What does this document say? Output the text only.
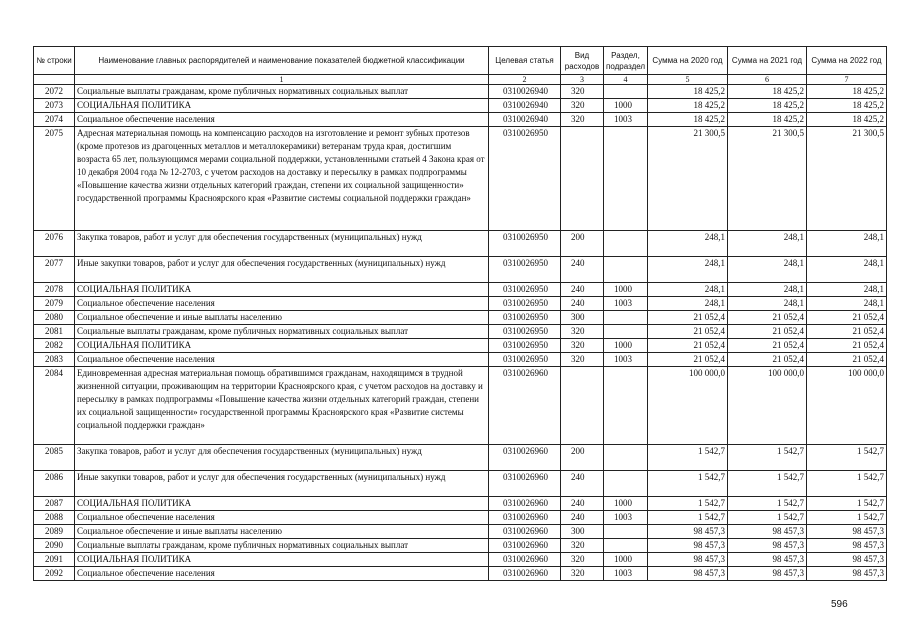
№ строки	Наименование главных распорядителей и наименование показателей бюджетной классификации	Целевая статья	Вид расходов	Раздел, подраздел	Сумма на 2020 год	Сумма на 2021 год	Сумма на 2022 год
	1	2	3	4	5	6	7
2072	Социальные выплаты гражданам, кроме публичных нормативных социальных выплат	0310026940	320		18 425,2	18 425,2	18 425,2
2073	СОЦИАЛЬНАЯ ПОЛИТИКА	0310026940	320	1000	18 425,2	18 425,2	18 425,2
2074	Социальное обеспечение населения	0310026940	320	1003	18 425,2	18 425,2	18 425,2
2075	Адресная материальная помощь на компенсацию расходов на изготовление и ремонт зубных протезов (кроме протезов из драгоценных металлов и металлокерамики) ветеранам труда края, достигшим возраста 65 лет, пользующимся мерами социальной поддержки, установленными статьей 4 Закона края от 10 декабря 2004 года № 12-2703, с учетом расходов на доставку и пересылку в рамках подпрограммы «Повышение качества жизни отдельных категорий граждан, степени их социальной защищенности» государственной программы Красноярского края «Развитие системы социальной поддержки граждан»	0310026950			21 300,5	21 300,5	21 300,5
2076	Закупка товаров, работ и услуг для обеспечения государственных (муниципальных) нужд	0310026950	200		248,1	248,1	248,1
2077	Иные закупки товаров, работ и услуг для обеспечения государственных (муниципальных) нужд	0310026950	240		248,1	248,1	248,1
2078	СОЦИАЛЬНАЯ ПОЛИТИКА	0310026950	240	1000	248,1	248,1	248,1
2079	Социальное обеспечение населения	0310026950	240	1003	248,1	248,1	248,1
2080	Социальное обеспечение и иные выплаты населению	0310026950	300		21 052,4	21 052,4	21 052,4
2081	Социальные выплаты гражданам, кроме публичных нормативных социальных выплат	0310026950	320		21 052,4	21 052,4	21 052,4
2082	СОЦИАЛЬНАЯ ПОЛИТИКА	0310026950	320	1000	21 052,4	21 052,4	21 052,4
2083	Социальное обеспечение населения	0310026950	320	1003	21 052,4	21 052,4	21 052,4
2084	Единовременная адресная материальная помощь обратившимся гражданам, находящимся в трудной жизненной ситуации, проживающим на территории Красноярского края, с учетом расходов на доставку и пересылку в рамках подпрограммы «Повышение качества жизни отдельных категорий граждан, степени их социальной защищенности» государственной программы Красноярского края «Развитие системы социальной поддержки граждан»	0310026960			100 000,0	100 000,0	100 000,0
2085	Закупка товаров, работ и услуг для обеспечения государственных (муниципальных) нужд	0310026960	200		1 542,7	1 542,7	1 542,7
2086	Иные закупки товаров, работ и услуг для обеспечения государственных (муниципальных) нужд	0310026960	240		1 542,7	1 542,7	1 542,7
2087	СОЦИАЛЬНАЯ ПОЛИТИКА	0310026960	240	1000	1 542,7	1 542,7	1 542,7
2088	Социальное обеспечение населения	0310026960	240	1003	1 542,7	1 542,7	1 542,7
2089	Социальное обеспечение и иные выплаты населению	0310026960	300		98 457,3	98 457,3	98 457,3
2090	Социальные выплаты гражданам, кроме публичных нормативных социальных выплат	0310026960	320		98 457,3	98 457,3	98 457,3
2091	СОЦИАЛЬНАЯ ПОЛИТИКА	0310026960	320	1000	98 457,3	98 457,3	98 457,3
2092	Социальное обеспечение населения	0310026960	320	1003	98 457,3	98 457,3	98 457,3
596
